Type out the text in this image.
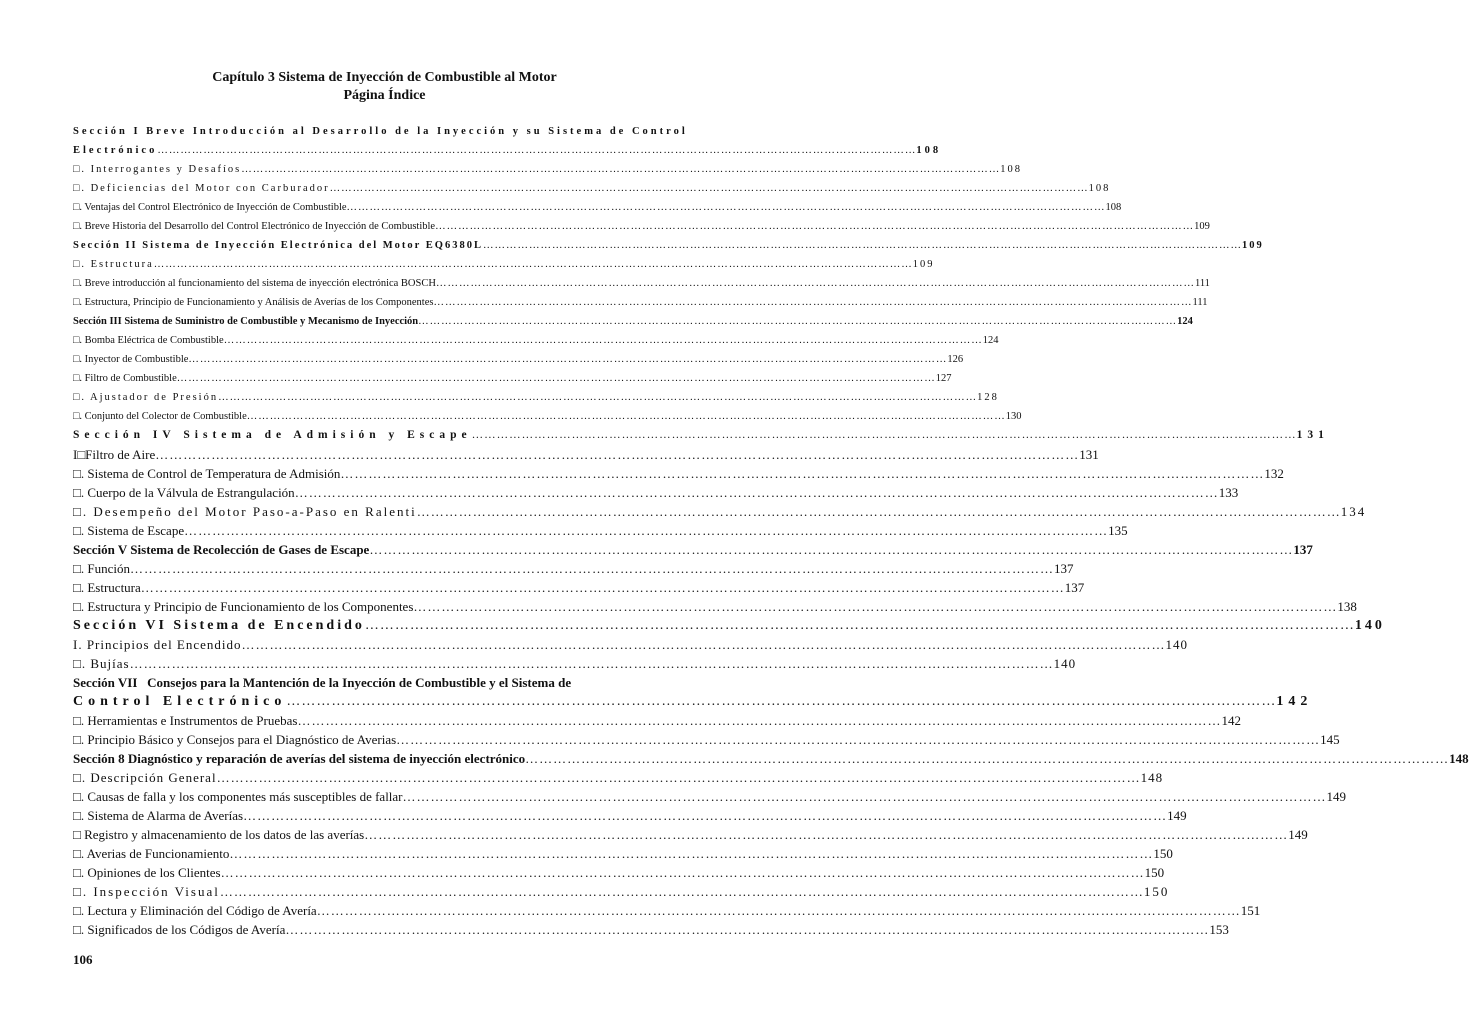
Capítulo 3 Sistema de Inyección de Combustible al Motor
Página Índice
Sección I Breve Introducción al Desarrollo de la Inyección y su Sistema de Control
Electrónico ……………………………………………………………………………………………………………………………………………………………………………… 108
□. Interrogantes y Desafíos ……………………………………………………………………………………………………………………………………………………………………………… 108
□. Deficiencias del Motor con Carburador ……………………………………………………………………………………………………………………………………………………………………………… 108
□. Ventajas del Control Electrónico de Inyección de Combustible ……………………………………………………………………………………………………………………………………………………………………………… 108
□. Breve Historia del Desarrollo del Control Electrónico de Inyección de Combustible ……………………………………………………………………………………………………………………………………………………………………………… 109
Sección II Sistema de Inyección Electrónica del Motor EQ6380L ……………………………………………………………………………………………………………………………………………………………………………… 109
□. Estructura ……………………………………………………………………………………………………………………………………………………………………………… 109
□. Breve introducción al funcionamiento del sistema de inyección electrónica BOSCH ……………………………………………………………………………………………………………………………………………………………………………… 111
□. Estructura, Principio de Funcionamiento y Análisis de Averías de los Componentes ……………………………………………………………………………………………………………………………………………………………………………… 111
Sección III Sistema de Suministro de Combustible y Mecanismo de Inyección ……………………………………………………………………………………………………………………………………………………………………………… 124
□. Bomba Eléctrica de Combustible ……………………………………………………………………………………………………………………………………………………………………………… 124
□. Inyector de Combustible ……………………………………………………………………………………………………………………………………………………………………………… 126
□. Filtro de Combustible ……………………………………………………………………………………………………………………………………………………………………………… 127
□. Ajustador de Presión ……………………………………………………………………………………………………………………………………………………………………………… 128
□. Conjunto del Colector de Combustible ……………………………………………………………………………………………………………………………………………………………………………… 130
Sección IV Sistema de Admisión y Escape ……………………………………………………………………………………………………………………………………………………………………………… 131
I□Filtro de Aire ……………………………………………………………………………………………………………………………………………………………………………… 131
□. Sistema de Control de Temperatura de Admisión ……………………………………………………………………………………………………………………………………………………………………………… 132
□. Cuerpo de la Válvula de Estrangulación ……………………………………………………………………………………………………………………………………………………………………………… 133
□. Desempeño del Motor Paso-a-Paso en Ralenti ……………………………………………………………………………………………………………………………………………………………………………… 134
□. Sistema de Escape ……………………………………………………………………………………………………………………………………………………………………………… 135
Sección V Sistema de Recolección de Gases de Escape ……………………………………………………………………………………………………………………………………………………………………………… 137
□. Función ……………………………………………………………………………………………………………………………………………………………………………… 137
□. Estructura ……………………………………………………………………………………………………………………………………………………………………………… 137
□. Estructura y Principio de Funcionamiento de los Componentes ……………………………………………………………………………………………………………………………………………………………………………… 138
Sección VI Sistema de Encendido ……………………………………………………………………………………………………………………………………………………………………………… 140
I. Principios del Encendido ……………………………………………………………………………………………………………………………………………………………………………… 140
□. Bujías ……………………………………………………………………………………………………………………………………………………………………………… 140
Sección VII   Consejos para la Mantención de la Inyección de Combustible y el Sistema de
Control Electrónico ……………………………………………………………………………………………………………………………………………………………………………… 142
□. Herramientas e Instrumentos de Pruebas ……………………………………………………………………………………………………………………………………………………………………………… 142
□. Principio Básico y Consejos para el Diagnóstico de Averias ……………………………………………………………………………………………………………………………………………………………………………… 145
Sección 8 Diagnóstico y reparación de averías del sistema de inyección electrónico ……………………………………………………………………………………………………………………………………………………………………………… 148
□. Descripción General ……………………………………………………………………………………………………………………………………………………………………………… 148
□. Causas de falla y los componentes más susceptibles de fallar ……………………………………………………………………………………………………………………………………………………………………………… 149
□. Sistema de Alarma de Averías ……………………………………………………………………………………………………………………………………………………………………………… 149
□ Registro y almacenamiento de los datos de las averías ……………………………………………………………………………………………………………………………………………………………………………… 149
□. Averias de Funcionamiento ……………………………………………………………………………………………………………………………………………………………………………… 150
□. Opiniones de los Clientes ……………………………………………………………………………………………………………………………………………………………………………… 150
□. Inspección Visual ……………………………………………………………………………………………………………………………………………………………………………… 150
□. Lectura y Eliminación del Código de Avería ……………………………………………………………………………………………………………………………………………………………………………… 151
□. Significados de los Códigos de Avería ……………………………………………………………………………………………………………………………………………………………………………… 153
106
